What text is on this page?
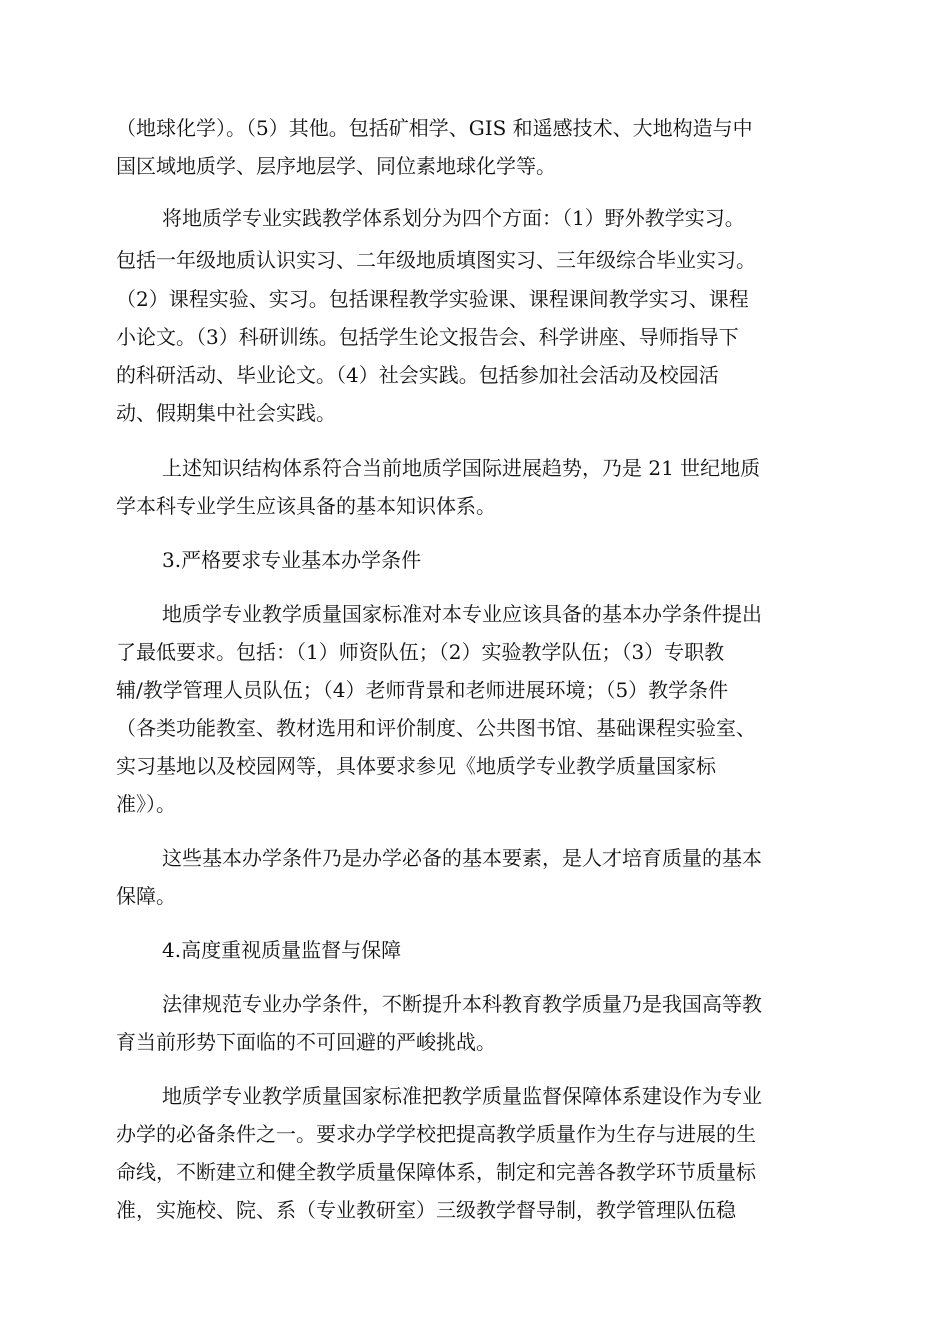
（地球化学）。（5）其他。包括矿相学、GIS 和遥感技术、大地构造与中
国区域地质学、层序地层学、同位素地球化学等。
将地质学专业实践教学体系划分为四个方面：（1）野外教学实习。
包括一年级地质认识实习、二年级地质填图实习、三年级综合毕业实习。
（2）课程实验、实习。包括课程教学实验课、课程课间教学实习、课程
小论文。（3）科研训练。包括学生论文报告会、科学讲座、导师指导下
的科研活动、毕业论文。（4）社会实践。包括参加社会活动及校园活
动、假期集中社会实践。
上述知识结构体系符合当前地质学国际进展趋势，乃是 21 世纪地质
学本科专业学生应该具备的基本知识体系。
3.严格要求专业基本办学条件
地质学专业教学质量国家标准对本专业应该具备的基本办学条件提出
了最低要求。包括：（1）师资队伍；（2）实验教学队伍；（3）专职教
辅/教学管理人员队伍；（4）老师背景和老师进展环境；（5）教学条件
（各类功能教室、教材选用和评价制度、公共图书馆、基础课程实验室、
实习基地以及校园网等，具体要求参见《地质学专业教学质量国家标
准》）。
这些基本办学条件乃是办学必备的基本要素，是人才培育质量的基本
保障。
4.高度重视质量监督与保障
法律规范专业办学条件，不断提升本科教育教学质量乃是我国高等教
育当前形势下面临的不可回避的严峻挑战。
地质学专业教学质量国家标准把教学质量监督保障体系建设作为专业
办学的必备条件之一。要求办学学校把提高教学质量作为生存与进展的生
命线，不断建立和健全教学质量保障体系，制定和完善各教学环节质量标
准，实施校、院、系（专业教研室）三级教学督导制，教学管理队伍稳
